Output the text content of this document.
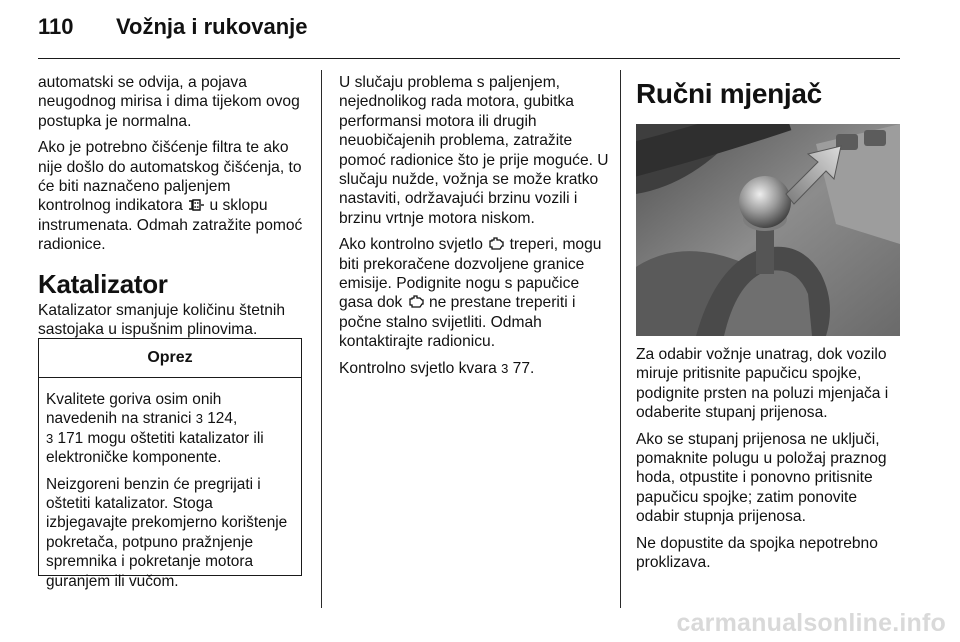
110 Vožnja i rukovanje

automatski se odvija, a pojava neugodnog mirisa i dima tijekom ovog postupka je normalna.

Ako je potrebno čišćenje filtra te ako nije došlo do automatskog čišćenja, to će biti naznačeno paljenjem kontrolnog indikatora u sklopu instrumenata. Odmah zatražite pomoć radionice.

Katalizator

Katalizator smanjuje količinu štetnih sastojaka u ispušnim plinovima.

Oprez

Kvalitete goriva osim onih navedenih na stranici 3 124,
3 171 mogu oštetiti katalizator ili elektroničke komponente.

Neizgoreni benzin će pregrijati i oštetiti katalizator. Stoga izbjegavajte prekomjerno korištenje pokretača, potpuno pražnjenje spremnika i pokretanje motora guranjem ili vučom.

U slučaju problema s paljenjem, nejednolikog rada motora, gubitka performansi motora ili drugih neuobičajenih problema, zatražite pomoć radionice što je prije moguće. U slučaju nužde, vožnja se može kratko nastaviti, održavajući brzinu vozili i brzinu vrtnje motora niskom.

Ako kontrolno svjetlo treperi, mogu biti prekoračene dozvoljene granice emisije. Podignite nogu s papučice gasa dok ne prestane treperiti i počne stalno svijetliti. Odmah kontaktirajte radionicu.

Kontrolno svjetlo kvara 3 77.

Ručni mjenjač

Za odabir vožnje unatrag, dok vozilo miruje pritisnite papučicu spojke, podignite prsten na poluzi mjenjača i odaberite stupanj prijenosa.

Ako se stupanj prijenosa ne uključi, pomaknite polugu u položaj praznog hoda, otpustite i ponovno pritisnite papučicu spojke; zatim ponovite odabir stupnja prijenosa.

Ne dopustite da spojka nepotrebno proklizava.

carmanualsonline.info
